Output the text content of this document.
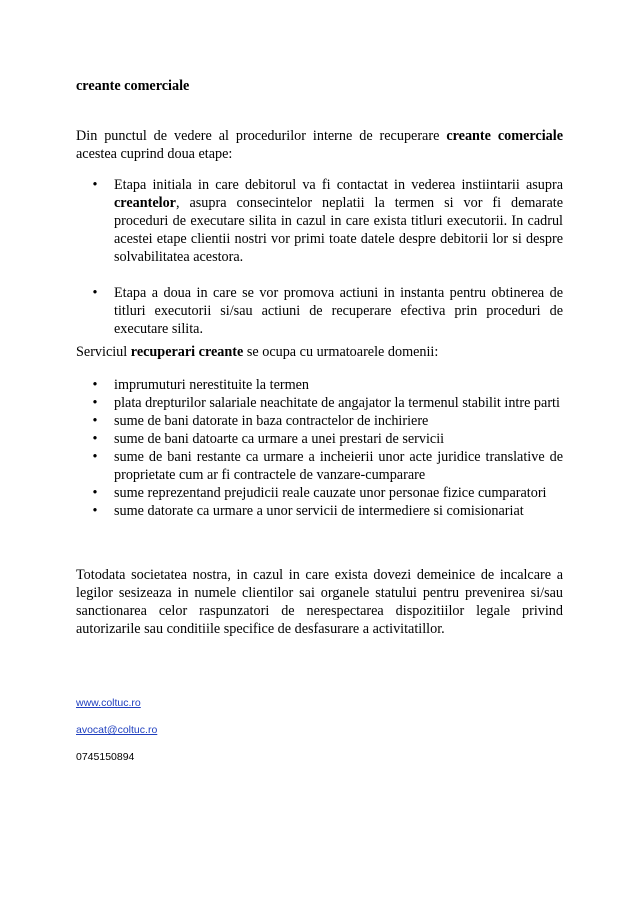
creante comerciale
Din punctul de vedere al procedurilor interne de recuperare creante comerciale acestea cuprind doua etape:
• Etapa initiala in care debitorul va fi contactat in vederea instiintarii asupra creantelor, asupra consecintelor neplatii la termen si vor fi demarate proceduri de executare silita in cazul in care exista titluri executorii. In cadrul acestei etape clientii nostri vor primi toate datele despre debitorii lor si despre solvabilitatea acestora.
• Etapa a doua in care se vor promova actiuni in instanta pentru obtinerea de titluri executorii si/sau actiuni de recuperare efectiva prin proceduri de executare silita.
Serviciul recuperari creante se ocupa cu urmatoarele domenii:
• imprumuturi nerestituite la termen
• plata drepturilor salariale neachitate de angajator la termenul stabilit intre parti
• sume de bani datorate in baza contractelor de inchiriere
• sume de bani datoarte ca urmare a unei prestari de servicii
• sume de bani restante ca urmare a incheierii unor acte juridice translative de proprietate cum ar fi contractele de vanzare-cumparare
• sume reprezentand prejudicii reale cauzate unor personae fizice cumparatori
• sume datorate ca urmare a unor servicii de intermediere si comisionariat
Totodata societatea nostra, in cazul in care exista dovezi demeinice de incalcare a legilor sesizeaza in numele clientilor sai organele statului pentru prevenirea si/sau sanctionarea celor raspunzatori de nerespectarea dispozitiilor legale privind autorizarile sau conditiile specifice de desfasurare a activitatillor.
www.coltuc.ro
avocat@coltuc.ro
0745150894
